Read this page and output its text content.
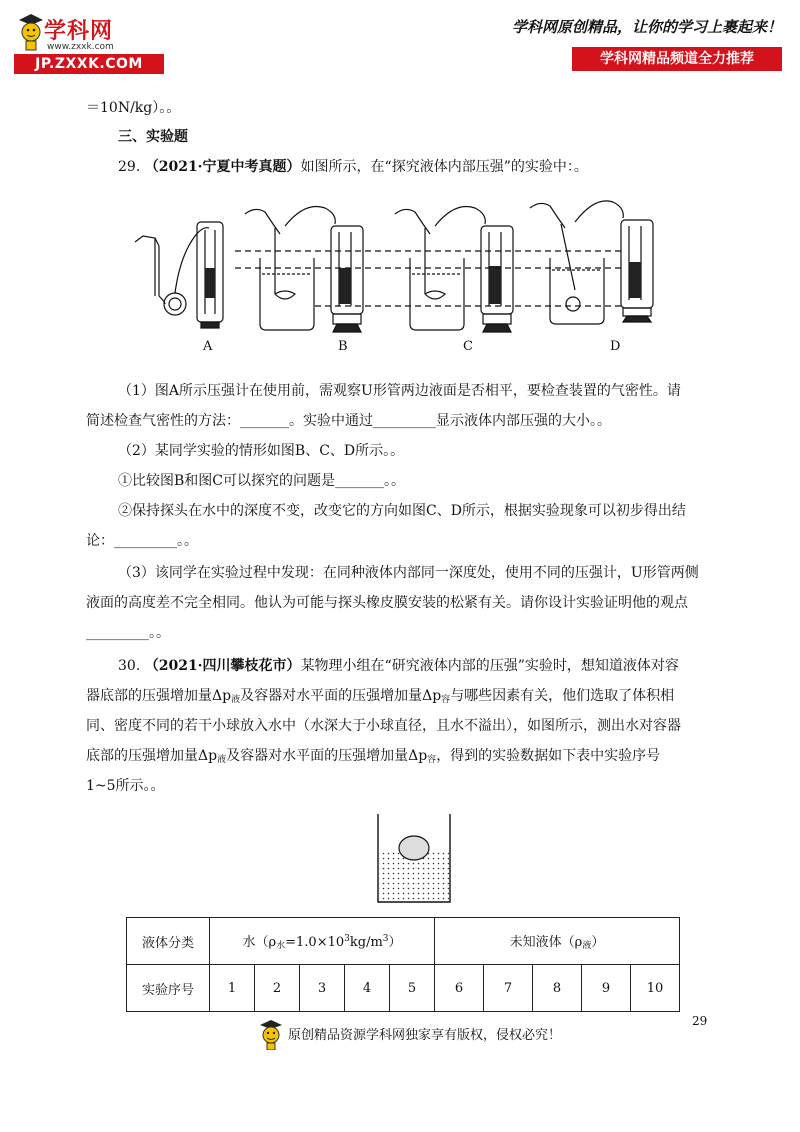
学科网
www.zxxk.com
JP.ZXXK.COM
学科网原创精品，让你的学习上裹起来！
学科网精品频道全力推荐
＝10N/kg）。。
三、实验题
29. （2021·宁夏中考真题）如图所示，在“探究液体内部压强”的实验中：。
A	B	C	D
（1）图A所示压强计在使用前，需观察U形管两边液面是否相平，要检查装置的气密性。请
简述检查气密性的方法：_______。实验中通过_________显示液体内部压强的大小。。
（2）某同学实验的情形如图B、C、D所示。。
①比较图B和图C可以探究的问题是_______。。
②保持探头在水中的深度不变，改变它的方向如图C、D所示，根据实验现象可以初步得出结
论：_________。。
（3）该同学在实验过程中发现：在同种液体内部同一深度处，使用不同的压强计，U形管两侧
液面的高度差不完全相同。他认为可能与探头橡皮膜安装的松紧有关。请你设计实验证明他的观点
_________。。
30. （2021·四川攀枝花市）某物理小组在“研究液体内部的压强”实验时，想知道液体对容
器底部的压强增加量$\Delta p_液$及容器对水平面的压强增加量$\Delta p_容$与哪些因素有关，他们选取了体积相
同、密度不同的若干小球放入水中（水深大于小球直径，且水不溢出），如图所示，测出水对容器
底部的压强增加量$\Delta p_液$及容器对水平面的压强增加量$\Delta p_容$，得到的实验数据如下表中实验序号
1~5所示。。
液体分类	水$(\rho_水=1.0\times 10^3kg/m^3)$					未知液体$(\rho_液)$				
实验序号	1	2	3	4	5	6	7	8	9	10
29
原创精品资源学科网独家享有版权，侵权必究！
